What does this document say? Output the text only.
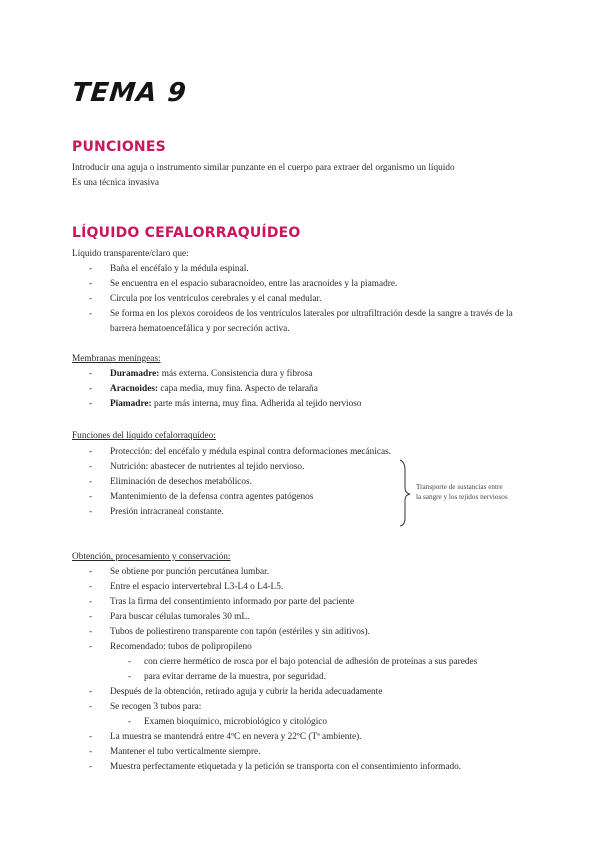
TEMA 9
PUNCIONES

Introducir una aguja o instrumento similar punzante en el cuerpo para extraer del organismo un líquido

Es una técnica invasiva

LÍQUIDO CEFALORRAQUÍDEO

Líquido transparente/claro que:

- Baña el encéfalo y la médula espinal.
- Se encuentra en el espacio subaracnoideo, entre las aracnoides y la piamadre.
- Circula por los ventrículos cerebrales y el canal medular.
- Se forma en los plexos coroideos de los ventrículos laterales por ultrafiltración desde la sangre a través de la barrera hematoencefálica y por secreción activa.

Membranas meníngeas:

- Duramadre: más externa. Consistencia dura y fibrosa
- Aracnoides: capa media, muy fina. Aspecto de telaraña
- Piamadre: parte más interna, muy fina. Adherida al tejido nervioso

Funciones del líquido cefalorraquídeo:

- Protección: del encéfalo y médula espinal contra deformaciones mecánicas.
- Nutrición: abastecer de nutrientes al tejido nervioso.
- Eliminación de desechos metabólicos.
- Mantenimiento de la defensa contra agentes patógenos
- Presión intracraneal constante.
Transporte de sustancias entre
la sangre y los tejidos nerviosos

Obtención, procesamiento y conservación:

- Se obtiene por punción percutánea lumbar.
- Entre el espacio intervertebral L3-L4 o L4-L5.
- Tras la firma del consentimiento informado por parte del paciente
- Para buscar células tumorales 30 mL.
- Tubos de poliestireno transparente con tapón (estériles y sin aditivos).
- Recomendado: tubos de polipropileno
- con cierre hermético de rosca por el bajo potencial de adhesión de proteínas a sus paredes
- para evitar derrame de la muestra, por seguridad.
- Después de la obtención, retirado aguja y cubrir la herida adecuadamente
- Se recogen 3 tubos para:
- Examen bioquímico, microbiológico y citológico
- La muestra se mantendrá entre 4ºC en nevera y 22ºC (Tª ambiente).
- Mantener el tubo verticalmente siempre.
- Muestra perfectamente etiquetada y la petición se transporta con el consentimiento informado.
